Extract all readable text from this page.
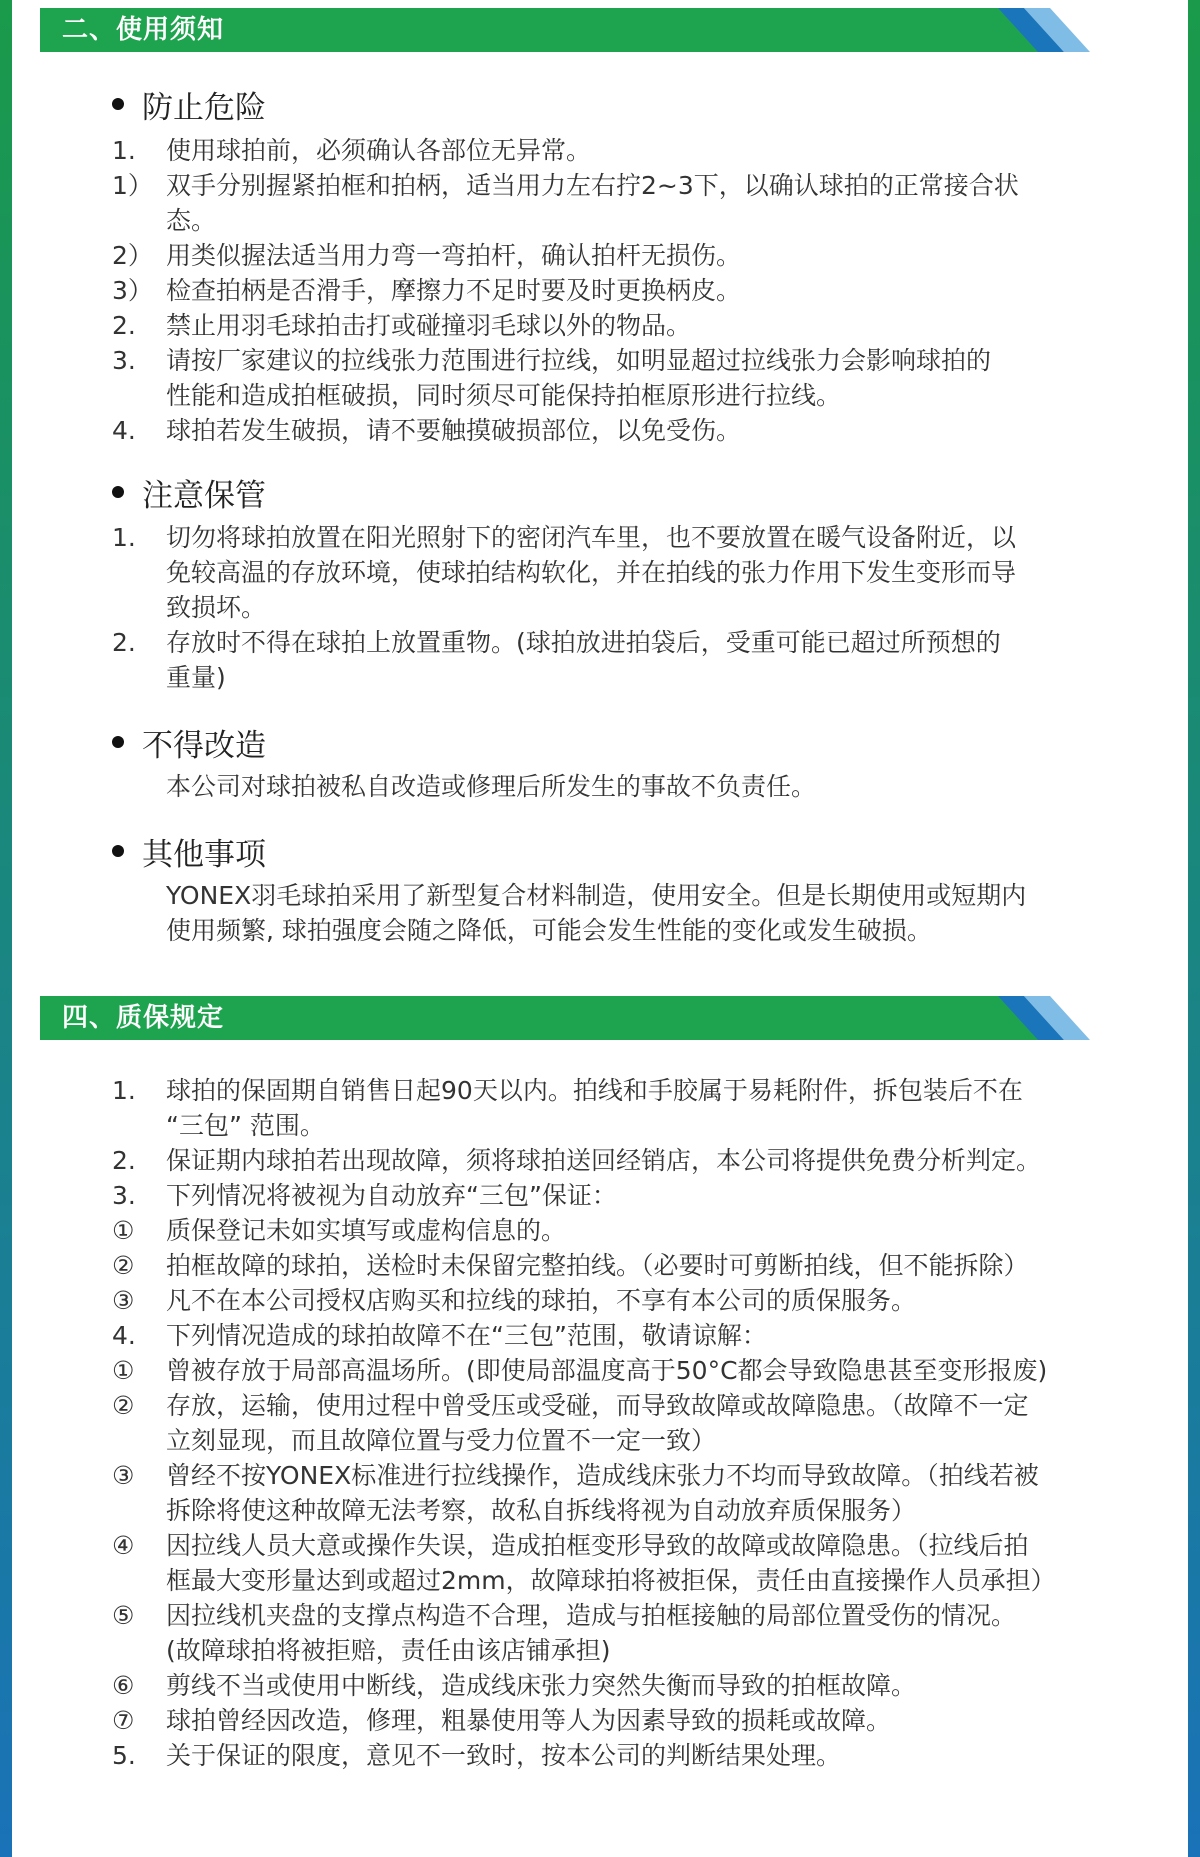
二、使用须知
防止危险
1. 使用球拍前，必须确认各部位无异常。
1） 双手分别握紧拍框和拍柄，适当用力左右拧2~3下，以确认球拍的正常接合状
态。
2） 用类似握法适当用力弯一弯拍杆，确认拍杆无损伤。
3） 检查拍柄是否滑手，摩擦力不足时要及时更换柄皮。
2. 禁止用羽毛球拍击打或碰撞羽毛球以外的物品。
3. 请按厂家建议的拉线张力范围进行拉线，如明显超过拉线张力会影响球拍的
性能和造成拍框破损，同时须尽可能保持拍框原形进行拉线。
4. 球拍若发生破损，请不要触摸破损部位，以免受伤。
注意保管
1. 切勿将球拍放置在阳光照射下的密闭汽车里，也不要放置在暖气设备附近，以
免较高温的存放环境，使球拍结构软化，并在拍线的张力作用下发生变形而导
致损坏。
2. 存放时不得在球拍上放置重物。(球拍放进拍袋后，受重可能已超过所预想的
重量)
不得改造
本公司对球拍被私自改造或修理后所发生的事故不负责任。
其他事项
YONEX羽毛球拍采用了新型复合材料制造，使用安全。但是长期使用或短期内
使用频繁, 球拍强度会随之降低，可能会发生性能的变化或发生破损。
四、质保规定
1. 球拍的保固期自销售日起90天以内。拍线和手胶属于易耗附件，拆包装后不在
“三包” 范围。
2. 保证期内球拍若出现故障，须将球拍送回经销店，本公司将提供免费分析判定。
3. 下列情况将被视为自动放弃“三包”保证：
① 质保登记未如实填写或虚构信息的。
② 拍框故障的球拍，送检时未保留完整拍线。（必要时可剪断拍线，但不能拆除）
③ 凡不在本公司授权店购买和拉线的球拍，不享有本公司的质保服务。
4. 下列情况造成的球拍故障不在“三包”范围，敬请谅解：
① 曾被存放于局部高温场所。(即使局部温度高于50°C都会导致隐患甚至变形报废)
② 存放，运输，使用过程中曾受压或受碰，而导致故障或故障隐患。（故障不一定
立刻显现，而且故障位置与受力位置不一定一致）
③ 曾经不按YONEX标准进行拉线操作，造成线床张力不均而导致故障。（拍线若被
拆除将使这种故障无法考察，故私自拆线将视为自动放弃质保服务）
④ 因拉线人员大意或操作失误，造成拍框变形导致的故障或故障隐患。（拉线后拍
框最大变形量达到或超过2mm，故障球拍将被拒保，责任由直接操作人员承担）
⑤ 因拉线机夹盘的支撑点构造不合理，造成与拍框接触的局部位置受伤的情况。
(故障球拍将被拒赔，责任由该店铺承担)
⑥ 剪线不当或使用中断线，造成线床张力突然失衡而导致的拍框故障。
⑦ 球拍曾经因改造，修理，粗暴使用等人为因素导致的损耗或故障。
5. 关于保证的限度，意见不一致时，按本公司的判断结果处理。
